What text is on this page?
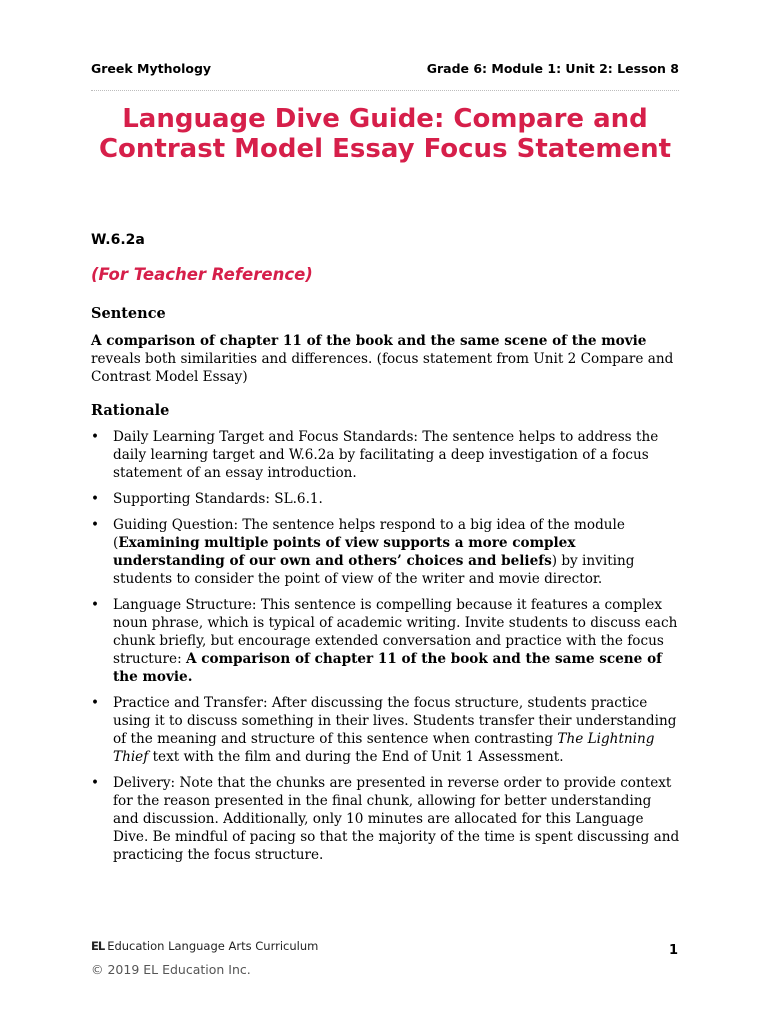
Greek Mythology	Grade 6: Module 1: Unit 2: Lesson 8
Language Dive Guide: Compare and Contrast Model Essay Focus Statement
W.6.2a
(For Teacher Reference)
Sentence
A comparison of chapter 11 of the book and the same scene of the movie reveals both similarities and differences. (focus statement from Unit 2 Compare and Contrast Model Essay)
Rationale
• Daily Learning Target and Focus Standards: The sentence helps to address the daily learning target and W.6.2a by facilitating a deep investigation of a focus statement of an essay introduction.
• Supporting Standards: SL.6.1.
• Guiding Question: The sentence helps respond to a big idea of the module (Examining multiple points of view supports a more complex understanding of our own and others’ choices and beliefs) by inviting students to consider the point of view of the writer and movie director.
• Language Structure: This sentence is compelling because it features a complex noun phrase, which is typical of academic writing. Invite students to discuss each chunk briefly, but encourage extended conversation and practice with the focus structure: A comparison of chapter 11 of the book and the same scene of the movie.
• Practice and Transfer: After discussing the focus structure, students practice using it to discuss something in their lives. Students transfer their understanding of the meaning and structure of this sentence when contrasting The Lightning Thief text with the film and during the End of Unit 1 Assessment.
• Delivery: Note that the chunks are presented in reverse order to provide context for the reason presented in the final chunk, allowing for better understanding and discussion. Additionally, only 10 minutes are allocated for this Language Dive. Be mindful of pacing so that the majority of the time is spent discussing and practicing the focus structure.
EL Education Language Arts Curriculum	1
© 2019 EL Education Inc.
